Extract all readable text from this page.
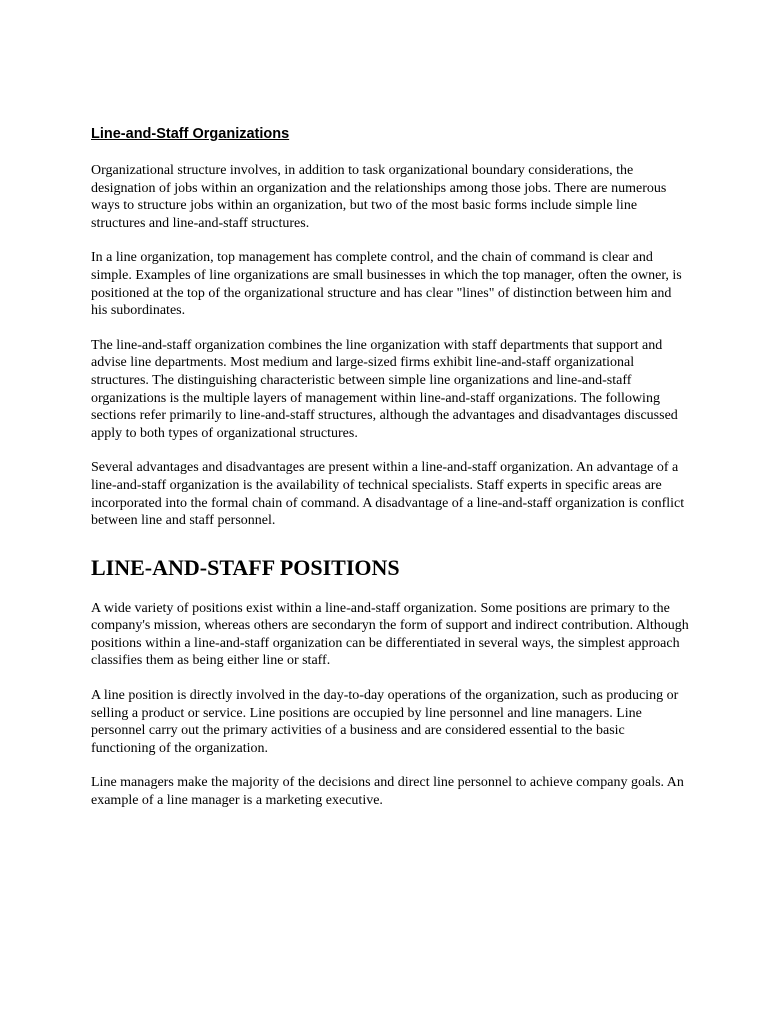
Line-and-Staff Organizations

Organizational structure involves, in addition to task organizational boundary considerations, the designation of jobs within an organization and the relationships among those jobs. There are numerous ways to structure jobs within an organization, but two of the most basic forms include simple line structures and line-and-staff structures.

In a line organization, top management has complete control, and the chain of command is clear and simple. Examples of line organizations are small businesses in which the top manager, often the owner, is positioned at the top of the organizational structure and has clear "lines" of distinction between him and his subordinates.

The line-and-staff organization combines the line organization with staff departments that support and advise line departments. Most medium and large-sized firms exhibit line-and-staff organizational structures. The distinguishing characteristic between simple line organizations and line-and-staff organizations is the multiple layers of management within line-and-staff organizations. The following sections refer primarily to line-and-staff structures, although the advantages and disadvantages discussed apply to both types of organizational structures.

Several advantages and disadvantages are present within a line-and-staff organization. An advantage of a line-and-staff organization is the availability of technical specialists. Staff experts in specific areas are incorporated into the formal chain of command. A disadvantage of a line-and-staff organization is conflict between line and staff personnel.

LINE-AND-STAFF POSITIONS

A wide variety of positions exist within a line-and-staff organization. Some positions are primary to the company's mission, whereas others are secondaryn the form of support and indirect contribution. Although positions within a line-and-staff organization can be differentiated in several ways, the simplest approach classifies them as being either line or staff.

A line position is directly involved in the day-to-day operations of the organization, such as producing or selling a product or service. Line positions are occupied by line personnel and line managers. Line personnel carry out the primary activities of a business and are considered essential to the basic functioning of the organization.

Line managers make the majority of the decisions and direct line personnel to achieve company goals. An example of a line manager is a marketing executive.
